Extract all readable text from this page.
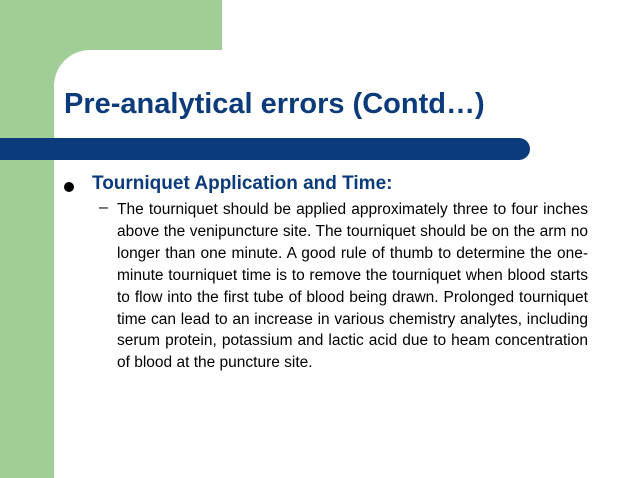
Pre-analytical errors (Contd…)
Tourniquet Application and Time:
– The tourniquet should be applied approximately three to four inches above the venipuncture site. The tourniquet should be on the arm no longer than one minute. A good rule of thumb to determine the one-minute tourniquet time is to remove the tourniquet when blood starts to flow into the first tube of blood being drawn. Prolonged tourniquet time can lead to an increase in various chemistry analytes, including serum protein, potassium and lactic acid due to heam concentration of blood at the puncture site.
